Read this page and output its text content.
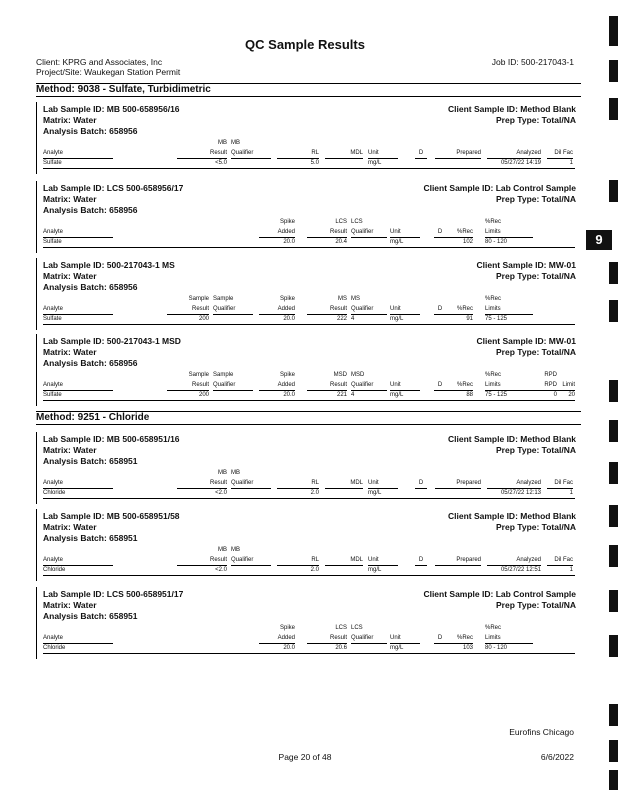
QC Sample Results
Client: KPRG and Associates, Inc
Project/Site: Waukegan Station Permit
Job ID: 500-217043-1
Method: 9038 - Sulfate, Turbidimetric
Method: 9251 - Chloride
Lab Sample ID: MB 500-658956/16
Matrix: Water
Analysis Batch: 658956
Client Sample ID: Method Blank
Prep Type: Total/NA
MB MB
Analyte	Result Qualifier	RL	MDL Unit	D	Prepared	Analyzed	Dil Fac
Sulfate	<5.0	5.0	mg/L	05/27/22 14:19	1
Lab Sample ID: LCS 500-658956/17
Matrix: Water
Analysis Batch: 658956
Client Sample ID: Lab Control Sample
Prep Type: Total/NA
Spike	LCS LCS	%Rec
Analyte	Added	Result Qualifier	Unit	D	%Rec Limits
Sulfate	20.0	20.4	mg/L	102 80 - 120
Lab Sample ID: 500-217043-1 MS
Matrix: Water
Analysis Batch: 658956
Client Sample ID: MW-01
Prep Type: Total/NA
Sample Sample	Spike	MS MS	%Rec
Analyte	Result Qualifier	Added	Result Qualifier	Unit	D	%Rec Limits
Sulfate	200	20.0	222 4	mg/L	91 75 - 125
Lab Sample ID: 500-217043-1 MSD
Matrix: Water
Analysis Batch: 658956
Client Sample ID: MW-01
Prep Type: Total/NA
Sample Sample	Spike	MSD MSD	%Rec	RPD
Analyte	Result Qualifier	Added	Result Qualifier	Unit	D	%Rec Limits	RPD Limit
Sulfate	200	20.0	221 4	mg/L	88 75 - 125	0	20
Lab Sample ID: MB 500-658951/16
Matrix: Water
Analysis Batch: 658951
Client Sample ID: Method Blank
Prep Type: Total/NA
MB MB
Analyte	Result Qualifier	RL	MDL Unit	D	Prepared	Analyzed	Dil Fac
Chloride	<2.0	2.0	mg/L	05/27/22 12:13	1
Lab Sample ID: MB 500-658951/58
Matrix: Water
Analysis Batch: 658951
Client Sample ID: Method Blank
Prep Type: Total/NA
MB MB
Analyte	Result Qualifier	RL	MDL Unit	D	Prepared	Analyzed	Dil Fac
Chloride	<2.0	2.0	mg/L	05/27/22 12:51	1
Lab Sample ID: LCS 500-658951/17
Matrix: Water
Analysis Batch: 658951
Client Sample ID: Lab Control Sample
Prep Type: Total/NA
Spike	LCS LCS	%Rec
Analyte	Added	Result Qualifier	Unit	D	%Rec Limits
Chloride	20.0	20.6	mg/L	103 80 - 120
Eurofins Chicago
Page 20 of 48	6/6/2022
9
